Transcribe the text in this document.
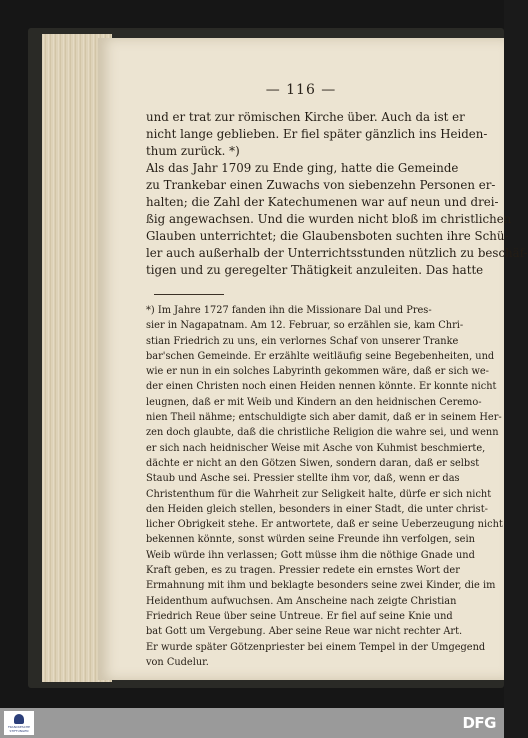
— 116 —
und er trat zur römischen Kirche über. Auch da ist er
nicht lange geblieben. Er fiel später gänzlich ins Heiden-
thum zurück. *)
Als das Jahr 1709 zu Ende ging, hatte die Gemeinde
zu Trankebar einen Zuwachs von siebenzehn Personen er-
halten; die Zahl der Katechumenen war auf neun und drei-
ßig angewachsen. Und die wurden nicht bloß im christlichen
Glauben unterrichtet; die Glaubensboten suchten ihre Schü-
ler auch außerhalb der Unterrichtsstunden nützlich zu beschäf-
tigen und zu geregelter Thätigkeit anzuleiten. Das hatte
*) Im Jahre 1727 fanden ihn die Missionare Dal und Pres-
sier in Nagapatnam. Am 12. Februar, so erzählen sie, kam Chri-
stian Friedrich zu uns, ein verlornes Schaf von unserer Tranke
bar'schen Gemeinde. Er erzählte weitläufig seine Begebenheiten, und
wie er nun in ein solches Labyrinth gekommen wäre, daß er sich we-
der einen Christen noch einen Heiden nennen könnte. Er konnte nicht
leugnen, daß er mit Weib und Kindern an den heidnischen Ceremo-
nien Theil nähme; entschuldigte sich aber damit, daß er in seinem Her-
zen doch glaubte, daß die christliche Religion die wahre sei, und wenn
er sich nach heidnischer Weise mit Asche von Kuhmist beschmierte,
dächte er nicht an den Götzen Siwen, sondern daran, daß er selbst
Staub und Asche sei. Pressier stellte ihm vor, daß, wenn er das
Christenthum für die Wahrheit zur Seligkeit halte, dürfe er sich nicht
den Heiden gleich stellen, besonders in einer Stadt, die unter christ-
licher Obrigkeit stehe. Er antwortete, daß er seine Ueberzeugung nicht
bekennen könnte, sonst würden seine Freunde ihn verfolgen, sein
Weib würde ihn verlassen; Gott müsse ihm die nöthige Gnade und
Kraft geben, es zu tragen. Pressier redete ein ernstes Wort der
Ermahnung mit ihm und beklagte besonders seine zwei Kinder, die im
Heidenthum aufwuchsen. Am Anscheine nach zeigte Christian
Friedrich Reue über seine Untreue. Er fiel auf seine Knie und
bat Gott um Vergebung. Aber seine Reue war nicht rechter Art.
Er wurde später Götzenpriester bei einem Tempel in der Umgegend
von Cudelur.
FRANCKESCHE STIFTUNGEN	DFG
